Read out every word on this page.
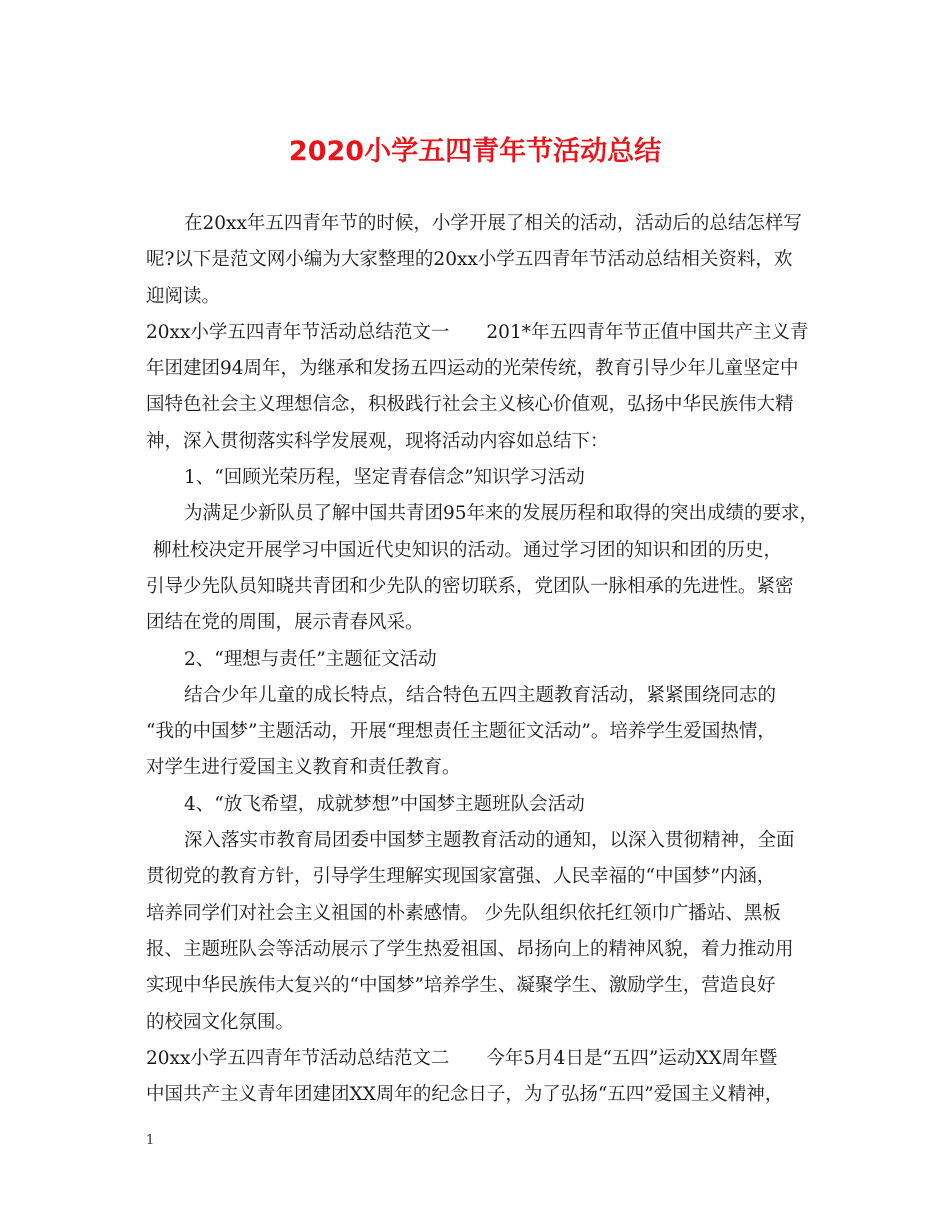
2020小学五四青年节活动总结
在20xx年五四青年节的时候，小学开展了相关的活动，活动后的总结怎样写
呢?以下是范文网小编为大家整理的20xx小学五四青年节活动总结相关资料，欢
迎阅读。
20xx小学五四青年节活动总结范文一　　201*年五四青年节正值中国共产主义青
年团建团94周年，为继承和发扬五四运动的光荣传统，教育引导少年儿童坚定中
国特色社会主义理想信念，积极践行社会主义核心价值观，弘扬中华民族伟大精
神，深入贯彻落实科学发展观，现将活动内容如总结下：
1、“回顾光荣历程，坚定青春信念”知识学习活动
为满足少新队员了解中国共青团95年来的发展历程和取得的突出成绩的要求，
柳杜校决定开展学习中国近代史知识的活动。通过学习团的知识和团的历史，
引导少先队员知晓共青团和少先队的密切联系，党团队一脉相承的先进性。紧密
团结在党的周围，展示青春风采。
2、“理想与责任”主题征文活动
结合少年儿童的成长特点，结合特色五四主题教育活动，紧紧围绕同志的
“我的中国梦”主题活动，开展“理想责任主题征文活动”。培养学生爱国热情，
对学生进行爱国主义教育和责任教育。
4、“放飞希望，成就梦想”中国梦主题班队会活动
深入落实市教育局团委中国梦主题教育活动的通知，以深入贯彻精神，全面
贯彻党的教育方针，引导学生理解实现国家富强、人民幸福的“中国梦”内涵，
培养同学们对社会主义祖国的朴素感情。 少先队组织依托红领巾广播站、黑板
报、主题班队会等活动展示了学生热爱祖国、昂扬向上的精神风貌，着力推动用
实现中华民族伟大复兴的“中国梦”培养学生、凝聚学生、激励学生，营造良好
的校园文化氛围。
20xx小学五四青年节活动总结范文二　　今年5月4日是“五四”运动XX周年暨
中国共产主义青年团建团XX周年的纪念日子，为了弘扬“五四”爱国主义精神，
1
